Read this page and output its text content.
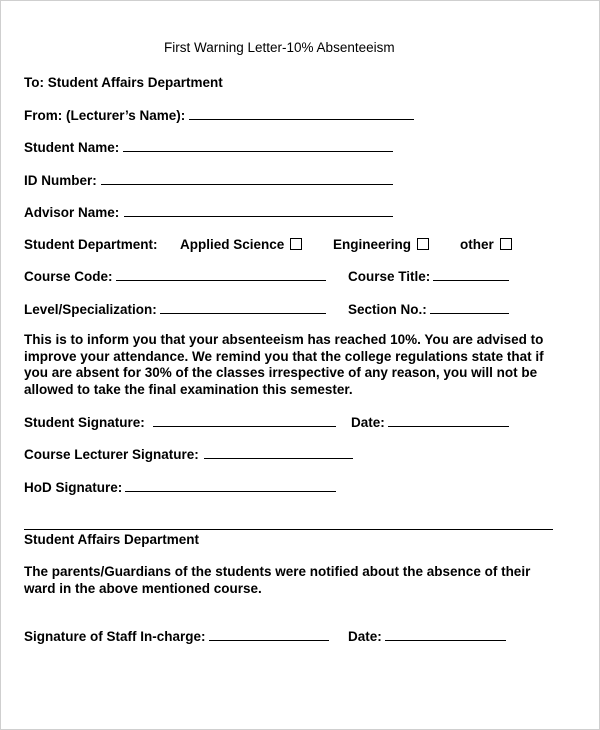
First Warning Letter-10% Absenteeism
To: Student Affairs Department
From: (Lecturer’s Name):
Student Name:
ID Number:
Advisor Name:
Student Department: Applied Science	Engineering	other
Course Code:	Course Title:
Level/Specialization:	Section No.:
This is to inform you that your absenteeism has reached 10%. You are advised to
improve your attendance. We remind you that the college regulations state that if
you are absent for 30% of the classes irrespective of any reason, you will not be
allowed to take the final examination this semester.
Student Signature:	Date:
Course Lecturer Signature:
HoD Signature:
Student Affairs Department
The parents/Guardians of the students were notified about the absence of their
ward in the above mentioned course.
Signature of Staff In-charge:	Date:
